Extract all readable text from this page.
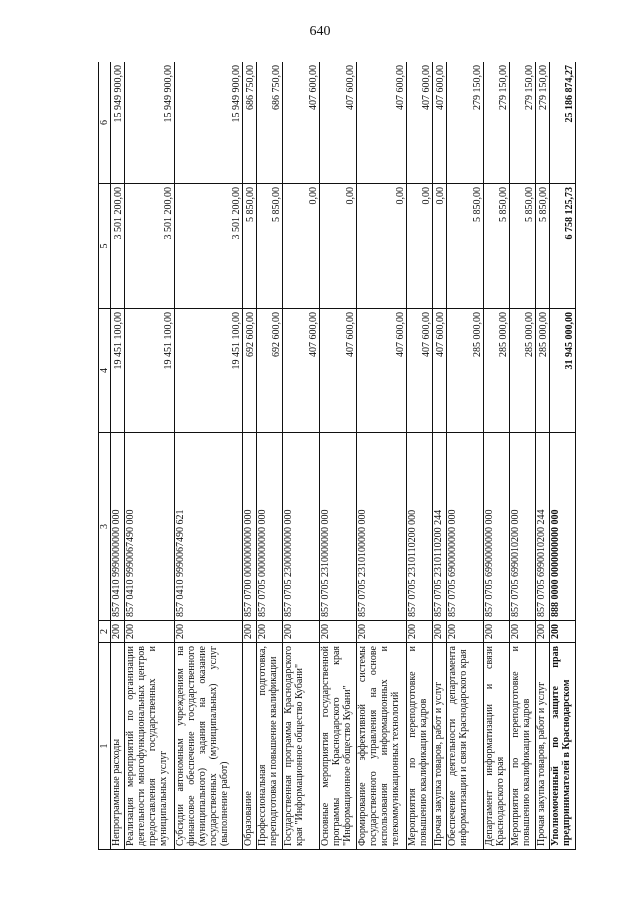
640
1	2	3	4	5	6
Непрограммные расходы	200	857 0410 9990000000 000	19 451 100,00	3 501 200,00	15 949 900,00
Реализация мероприятий по организации деятельности многофункциональных центров предоставления государственных и муниципальных услуг	200	857 0410 9990067490 000	19 451 100,00	3 501 200,00	15 949 900,00
Субсидии автономным учреждениям на финансовое обеспечение государственного (муниципального) задания на оказание государственных (муниципальных) услуг (выполнение работ)	200	857 0410 9990067490 621	19 451 100,00	3 501 200,00	15 949 900,00
Образование	200	857 0700 0000000000 000	692 600,00	5 850,00	686 750,00
Профессиональная подготовка, переподготовка и повышение квалификации	200	857 0705 0000000000 000	692 600,00	5 850,00	686 750,00
Государственная программа Краснодарского края "Информационное общество Кубани"	200	857 0705 2300000000 000	407 600,00	0,00	407 600,00
Основные мероприятия государственной программы Краснодарского края "Информационное общество Кубани"	200	857 0705 2310000000 000	407 600,00	0,00	407 600,00
Формирование эффективной системы государственного управления на основе использования информационных и телекоммуникационных технологий	200	857 0705 2310100000 000	407 600,00	0,00	407 600,00
Мероприятия по переподготовке и повышению квалификации кадров	200	857 0705 2310110200 000	407 600,00	0,00	407 600,00
Прочая закупка товаров, работ и услуг	200	857 0705 2310110200 244	407 600,00	0,00	407 600,00
Обеспечение деятельности департамента информатизации и связи Краснодарского края	200	857 0705 6900000000 000	285 000,00	5 850,00	279 150,00
Департамент информатизации и связи Краснодарского края	200	857 0705 6990000000 000	285 000,00	5 850,00	279 150,00
Мероприятия по переподготовке и повышению квалификации кадров	200	857 0705 6990010200 000	285 000,00	5 850,00	279 150,00
Прочая закупка товаров, работ и услуг	200	857 0705 6990010200 244	285 000,00	5 850,00	279 150,00
Уполномоченный по защите прав предпринимателей в Краснодарском	200	888 0000 0000000000 000	31 945 000,00	6 758 125,73	25 186 874,27
